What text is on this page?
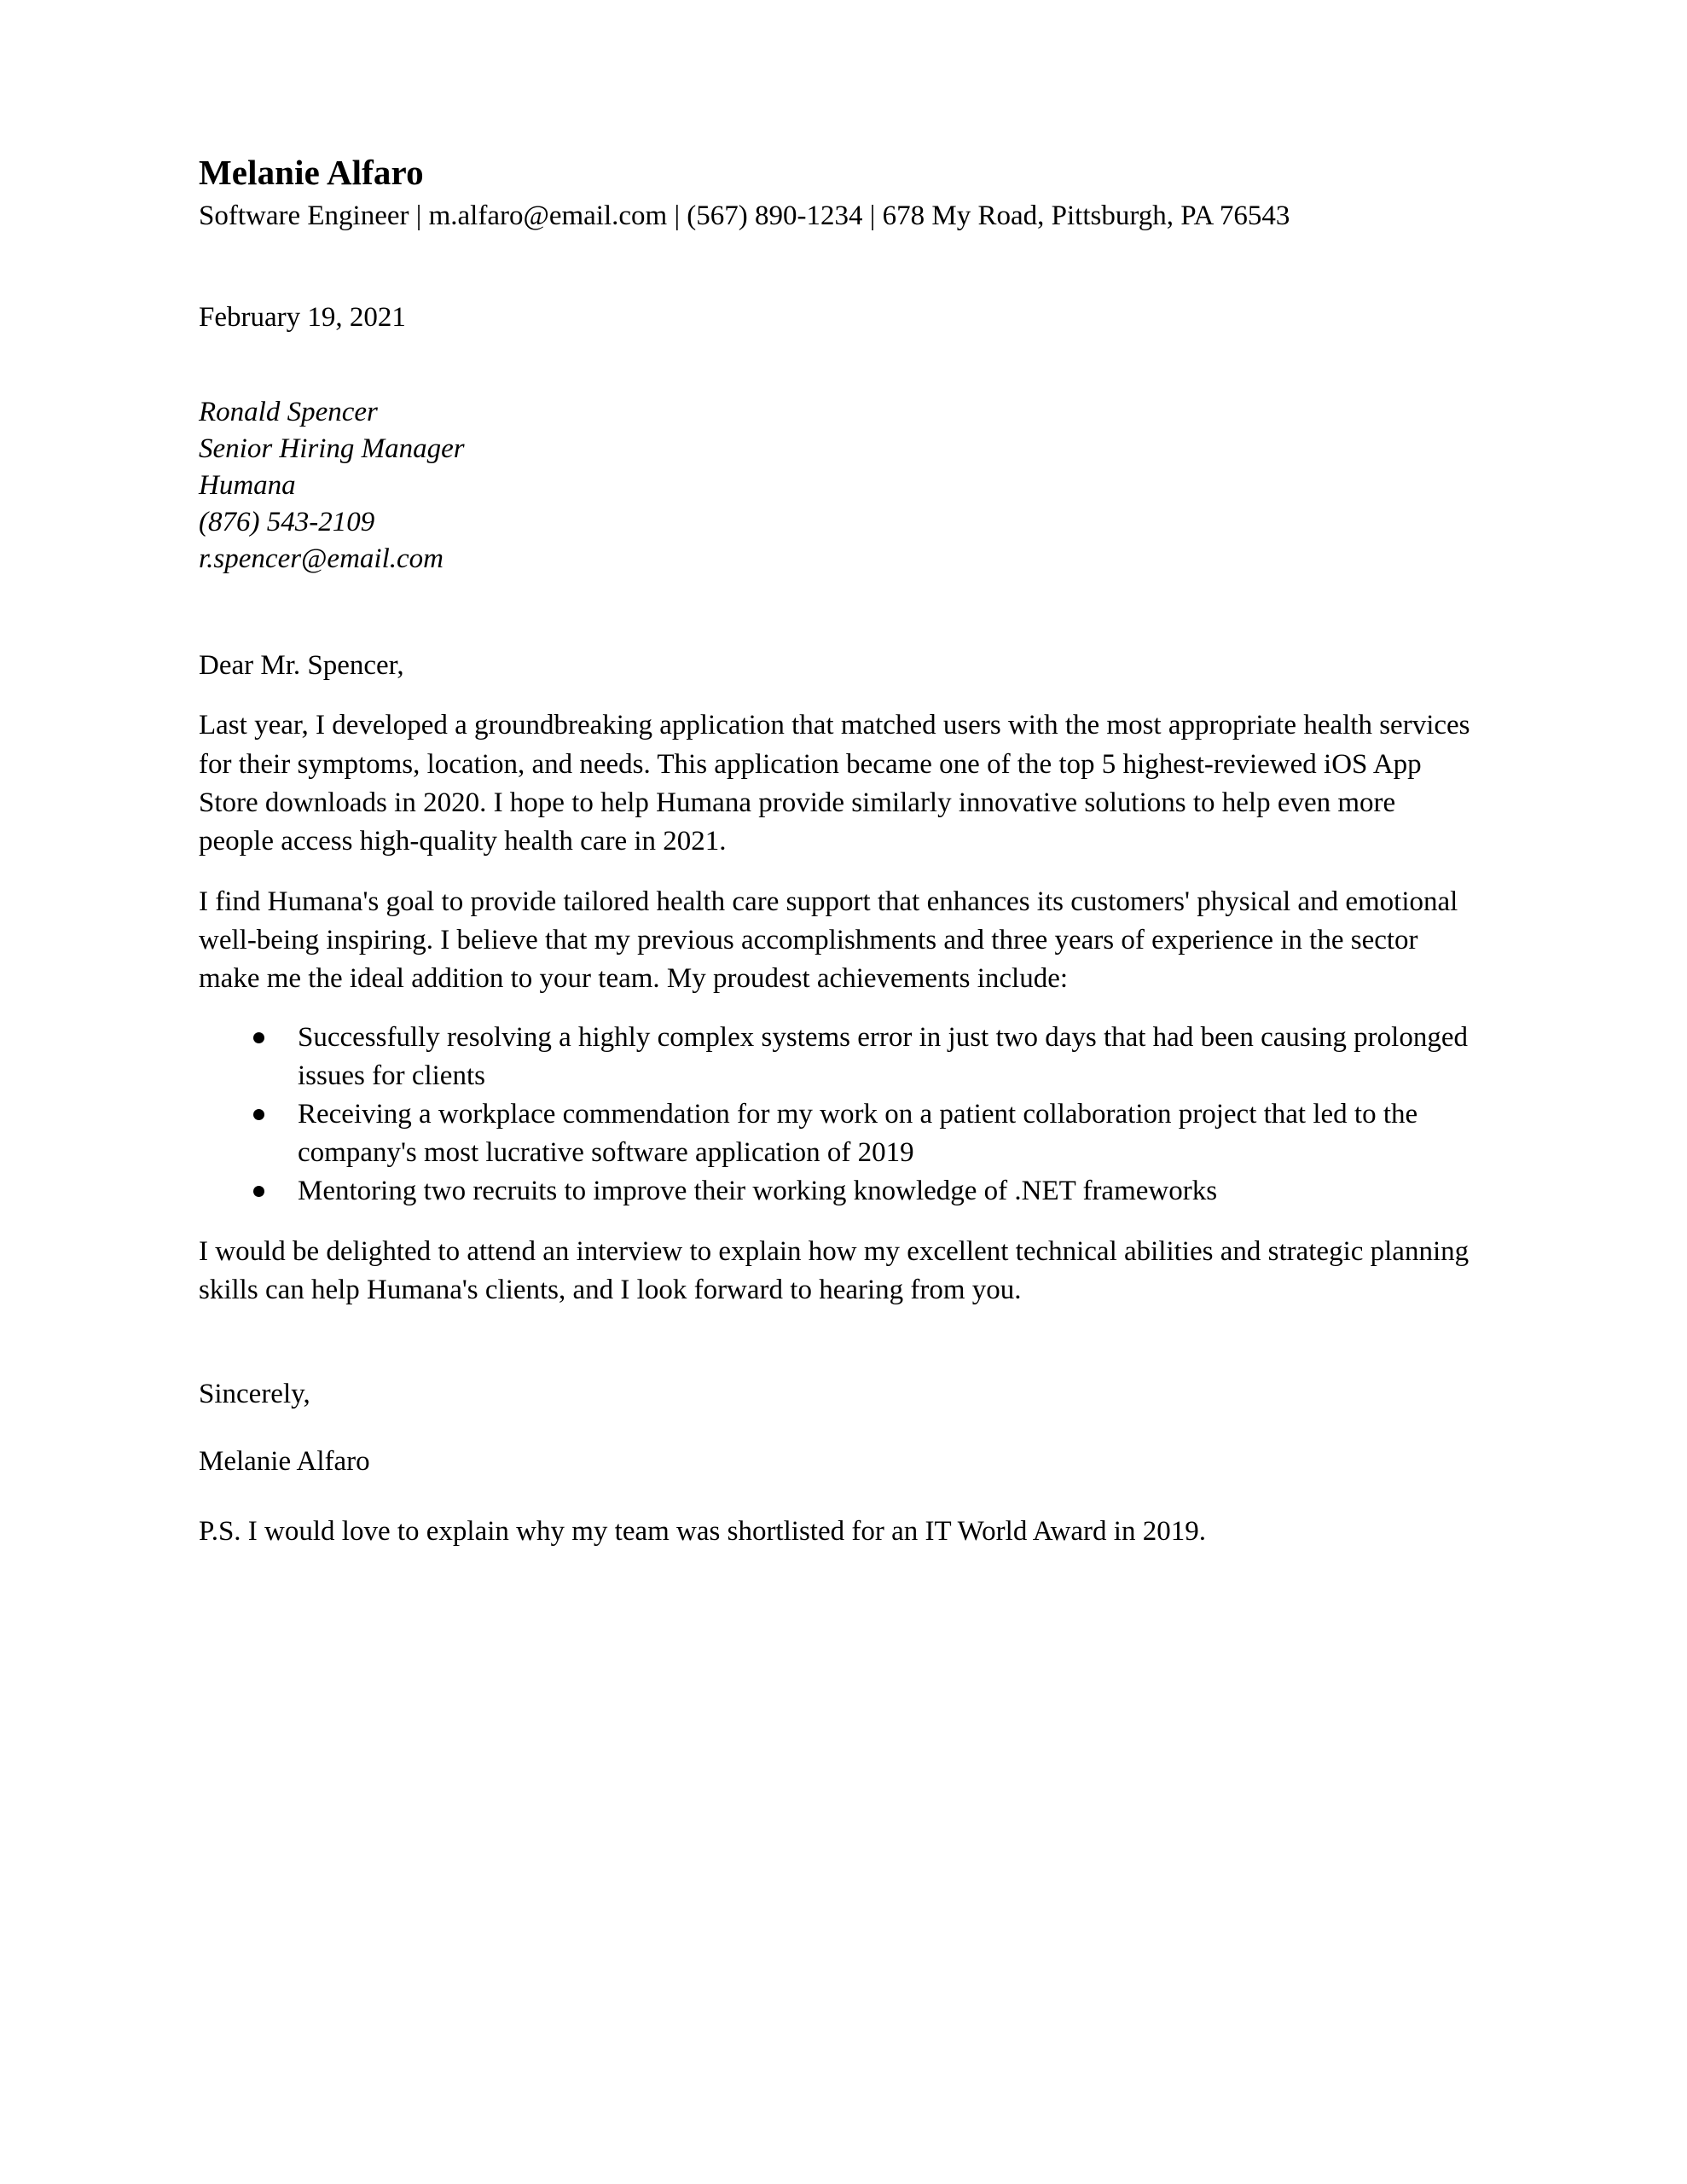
Melanie Alfaro

Software Engineer | m.alfaro@email.com | (567) 890-1234 | 678 My Road, Pittsburgh, PA 76543

February 19, 2021

Ronald Spencer

Senior Hiring Manager

Humana

(876) 543-2109

r.spencer@email.com

Dear Mr. Spencer,

Last year, I developed a groundbreaking application that matched users with the most appropriate health services for their symptoms, location, and needs. This application became one of the top 5 highest-reviewed iOS App Store downloads in 2020. I hope to help Humana provide similarly innovative solutions to help even more people access high-quality health care in 2021.

I find Humana's goal to provide tailored health care support that enhances its customers' physical and emotional well-being inspiring. I believe that my previous accomplishments and three years of experience in the sector make me the ideal addition to your team. My proudest achievements include:

Successfully resolving a highly complex systems error in just two days that had been causing prolonged issues for clients
Receiving a workplace commendation for my work on a patient collaboration project that led to the company's most lucrative software application of 2019
Mentoring two recruits to improve their working knowledge of .NET frameworks

I would be delighted to attend an interview to explain how my excellent technical abilities and strategic planning skills can help Humana's clients, and I look forward to hearing from you.

Sincerely,

Melanie Alfaro

P.S. I would love to explain why my team was shortlisted for an IT World Award in 2019.
